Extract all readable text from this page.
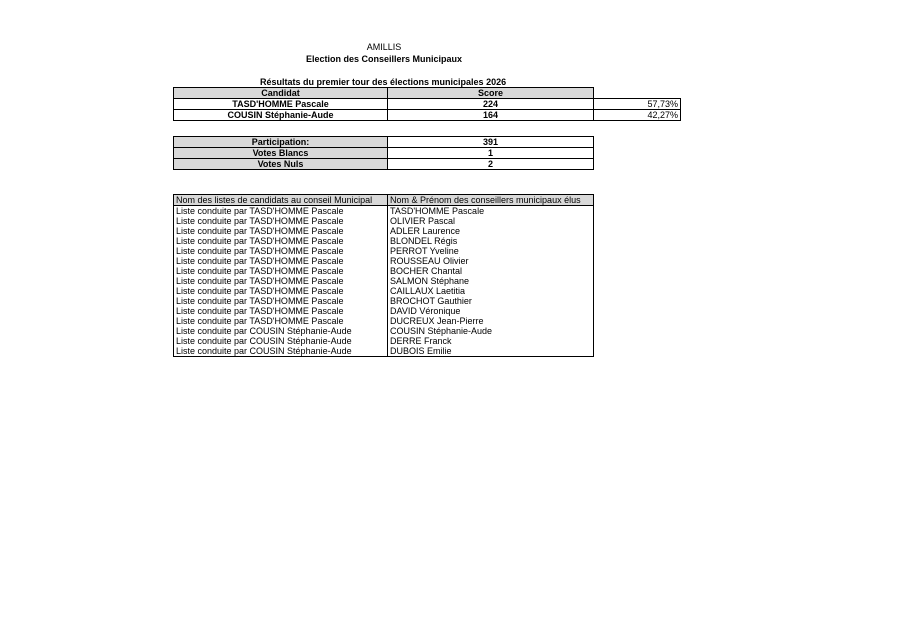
AMILLIS
Election des Conseillers Municipaux
Résultats du premier tour des élections municipales 2026
Candidat	Score	
TASD'HOMME Pascale	224	57,73%
COUSIN Stéphanie-Aude	164	42,27%
Participation:	391
Votes Blancs	1
Votes Nuls	2
Nom des listes de candidats au conseil Municipal	Nom & Prénom des conseillers municipaux élus
Liste conduite par TASD'HOMME Pascale	TASD'HOMME Pascale
Liste conduite par TASD'HOMME Pascale	OLIVIER Pascal
Liste conduite par TASD'HOMME Pascale	ADLER Laurence
Liste conduite par TASD'HOMME Pascale	BLONDEL Régis
Liste conduite par TASD'HOMME Pascale	PERROT Yveline
Liste conduite par TASD'HOMME Pascale	ROUSSEAU Olivier
Liste conduite par TASD'HOMME Pascale	BOCHER Chantal
Liste conduite par TASD'HOMME Pascale	SALMON Stéphane
Liste conduite par TASD'HOMME Pascale	CAILLAUX Laetitia
Liste conduite par TASD'HOMME Pascale	BROCHOT Gauthier
Liste conduite par TASD'HOMME Pascale	DAVID Véronique
Liste conduite par TASD'HOMME Pascale	DUCREUX Jean-Pierre
Liste conduite par COUSIN Stéphanie-Aude	COUSIN Stéphanie-Aude
Liste conduite par COUSIN Stéphanie-Aude	DERRE Franck
Liste conduite par COUSIN Stéphanie-Aude	DUBOIS Emilie
